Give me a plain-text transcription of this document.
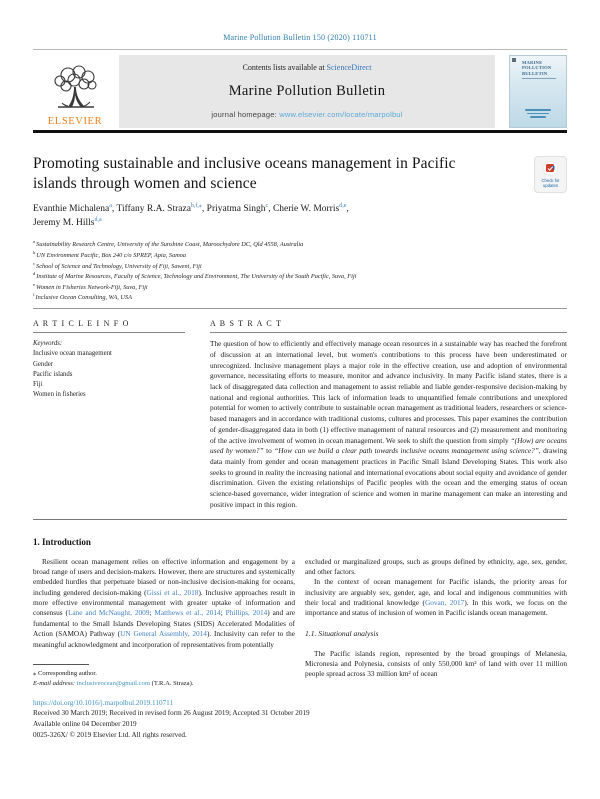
Marine Pollution Bulletin 150 (2020) 110711
ELSEVIER
Contents lists available at ScienceDirect
Marine Pollution Bulletin
journal homepage: www.elsevier.com/locate/marpolbul
MARINE POLLUTION BULLETIN
Promoting sustainable and inclusive oceans management in Pacific islands through women and science	Check for updates

Evanthie Michalena$^a$, Tiffany R.A. Straza$^{b,f,⁎}$, Priyatma Singh$^c$, Cherie W. Morris$^{d,e}$, Jeremy M. Hills$^{d,a}$

$^a$Sustainability Research Centre, University of the Sunshine Coast, Maroochydore DC, Qld 4558, Australia
$^b$UN Environment Pacific, Box 240 c/o SPREP, Apia, Samoa
$^c$School of Science and Technology, University of Fiji, Saweni, Fiji
$^d$Institute of Marine Resources, Faculty of Science, Technology and Environment, The University of the South Pacific, Suva, Fiji
$^e$Women in Fisheries Network-Fiji, Suva, Fiji
$^f$Inclusive Ocean Consulting, WA, USA
A R T I C L E I N F O
Keywords:
Inclusive ocean management
Gender
Pacific islands
Fiji
Women in fisheries
A B S T R A C T

The question of how to efficiently and effectively manage ocean resources in a sustainable way has reached the forefront of discussion at an international level, but women's contributions to this process have been underestimated or unrecognized. Inclusive management plays a major role in the effective creation, use and adoption of environmental governance, necessitating efforts to measure, monitor and advance inclusivity. In many Pacific island states, there is a lack of disaggregated data collection and management to assist reliable and liable gender-responsive decision-making by national and regional authorities. This lack of information leads to unquantified female contributions and unexplored potential for women to actively contribute to sustainable ocean management as traditional leaders, researchers or science-based managers and in accordance with traditional customs, cultures and processes. This paper examines the contribution of gender-disaggregated data in both (1) effective management of natural resources and (2) measurement and monitoring of the active involvement of women in ocean management. We seek to shift the question from simply “(How) are oceans used by women?” to “How can we build a clear path towards inclusive oceans management using science?”, drawing data mainly from gender and ocean management practices in Pacific Small Island Developing States. This work also seeks to ground in reality the increasing national and international evocations about social equity and avoidance of gender discrimination. Given the existing relationships of Pacific peoples with the ocean and the emerging status of ocean science-based governance, wider integration of science and women in marine management can make an interesting and positive impact in this region.

1. Introduction

Resilient ocean management relies on effective information and engagement by a broad range of users and decision-makers. However, there are structures and systemically embedded hurdles that perpetuate biased or non-inclusive decision-making for oceans, including gendered decision-making (Gissi et al., 2018). Inclusive approaches result in more effective environmental management with greater uptake of information and consensus (Lane and McNaught, 2009; Matthews et al., 2014; Phillips, 2014) and are fundamental to the Small Islands Developing States (SIDS) Accelerated Modalities of Action (SAMOA) Pathway (UN General Assembly, 2014). Inclusivity can refer to the meaningful acknowledgment and incorporation of representatives from potentially

⁎ Corresponding author.
E-mail address: inclusiveocean@gmail.com (T.R.A. Straza).

excluded or marginalized groups, such as groups defined by ethnicity, age, sex, gender, and other factors.

In the context of ocean management for Pacific islands, the priority areas for inclusivity are arguably sex, gender, age, and local and indigenous communities with their local and traditional knowledge (Govan, 2017). In this work, we focus on the importance and status of inclusion of women in Pacific islands ocean management.

1.1. Situational analysis

The Pacific islands region, represented by the broad groupings of Melanesia, Micronesia and Polynesia, consists of only 550,000 km² of land with over 11 million people spread across 33 million km² of ocean

https://doi.org/10.1016/j.marpolbul.2019.110711
Received 30 March 2019; Received in revised form 26 August 2019; Accepted 31 October 2019
Available online 04 December 2019
0025-326X/ © 2019 Elsevier Ltd. All rights reserved.
